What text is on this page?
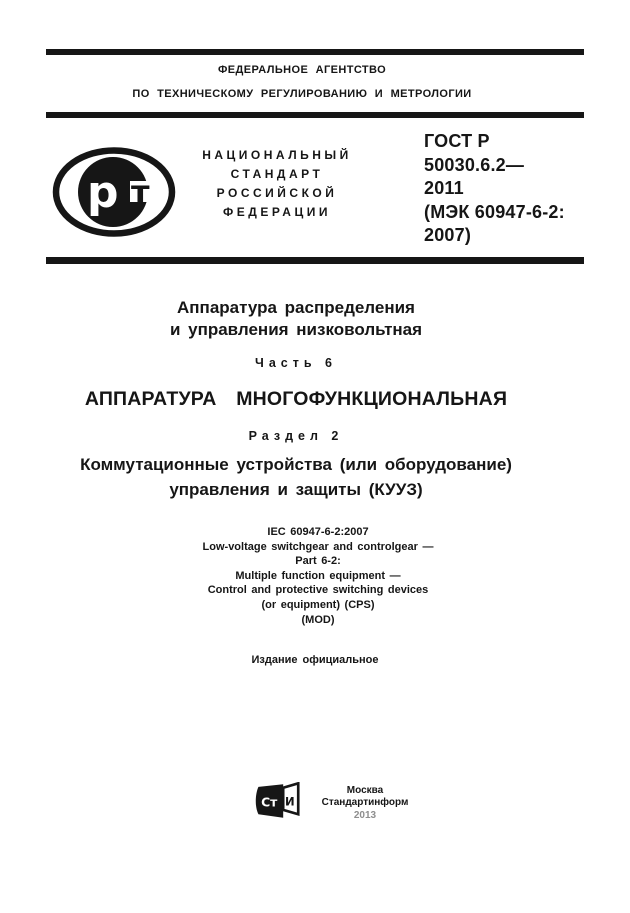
ФЕДЕРАЛЬНОЕ АГЕНТСТВО
ПО ТЕХНИЧЕСКОМУ РЕГУЛИРОВАНИЮ И МЕТРОЛОГИИ
т
р
НАЦИОНАЛЬНЫЙ
СТАНДАРТ
РОССИЙСКОЙ
ФЕДЕРАЦИИ
ГОСТ Р
50030.6.2—
2011
(МЭК 60947-6-2:
2007)
Аппаратура распределения
и управления низковольтная
Часть 6
АППАРАТУРА МНОГОФУНКЦИОНАЛЬНАЯ
Раздел 2
Коммутационные устройства (или оборудование)
управления и защиты (КУУЗ)
IEC 60947-6-2:2007
Low-voltage switchgear and controlgear —
Part 6-2:
Multiple function equipment —
Control and protective switching devices
(or equipment) (CPS)
(MOD)
Издание официальное
Ст И
Москва
Стандартинформ
2013
